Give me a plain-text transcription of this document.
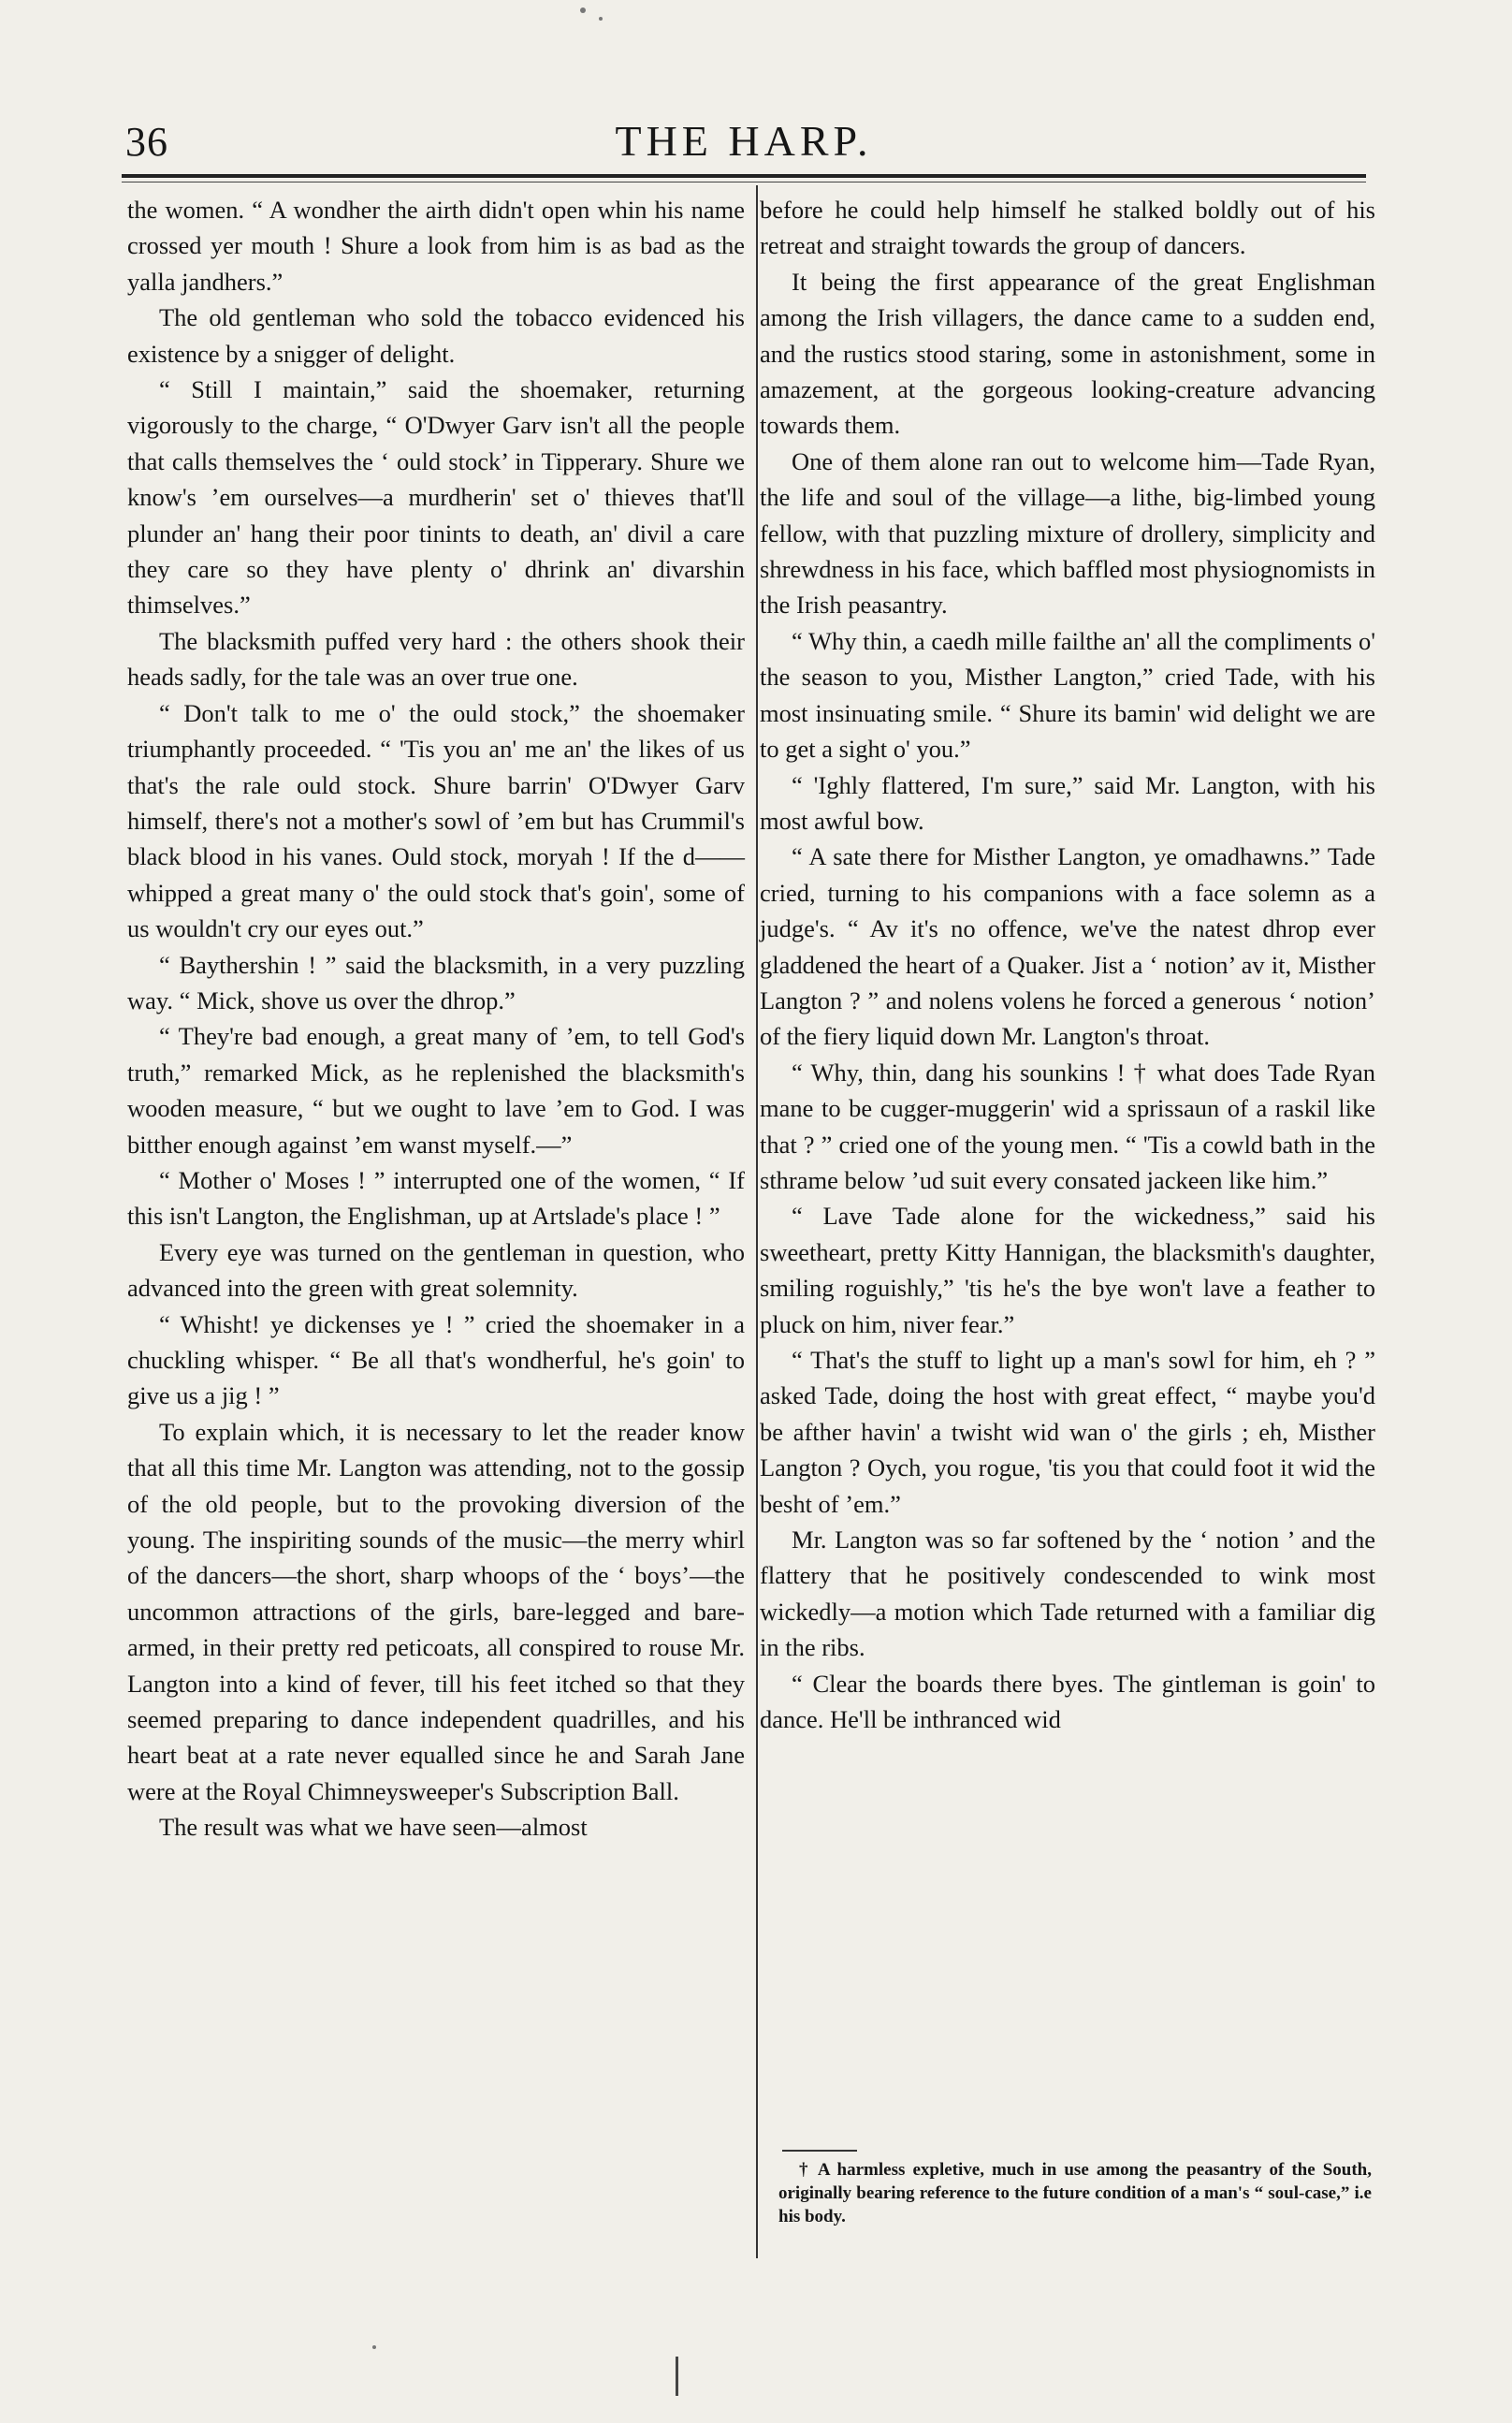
36	THE HARP.

the women. “ A wondher the airth didn't open whin his name crossed yer mouth ! Shure a look from him is as bad as the yalla jandhers.”

The old gentleman who sold the tobacco evidenced his existence by a snigger of delight.

“ Still I maintain,” said the shoemaker, returning vigorously to the charge, “ O'Dwyer Garv isn't all the people that calls themselves the ‘ ould stock’ in Tipperary. Shure we know's ’em ourselves—a murdherin' set o' thieves that'll plunder an' hang their poor tinints to death, an' divil a care they care so they have plenty o' dhrink an' divarshin thimselves.”

The blacksmith puffed very hard : the others shook their heads sadly, for the tale was an over true one.

“ Don't talk to me o' the ould stock,” the shoemaker triumphantly proceeded. “ 'Tis you an' me an' the likes of us that's the rale ould stock. Shure barrin' O'Dwyer Garv himself, there's not a mother's sowl of ’em but has Crummil's black blood in his vanes. Ould stock, moryah ! If the d—— whipped a great many o' the ould stock that's goin', some of us wouldn't cry our eyes out.”

“ Baythershin ! ” said the blacksmith, in a very puzzling way. “ Mick, shove us over the dhrop.”

“ They're bad enough, a great many of ’em, to tell God's truth,” remarked Mick, as he replenished the blacksmith's wooden measure, “ but we ought to lave ’em to God. I was bitther enough against ’em wanst myself.—”

“ Mother o' Moses ! ” interrupted one of the women, “ If this isn't Langton, the Englishman, up at Artslade's place ! ”

Every eye was turned on the gentleman in question, who advanced into the green with great solemnity.

“ Whisht! ye dickenses ye ! ” cried the shoemaker in a chuckling whisper. “ Be all that's wondherful, he's goin' to give us a jig ! ”

To explain which, it is necessary to let the reader know that all this time Mr. Langton was attending, not to the gossip of the old people, but to the provoking diversion of the young. The inspiriting sounds of the music—the merry whirl of the dancers—the short, sharp whoops of the ‘ boys’—the uncommon attractions of the girls, bare-legged and bare-armed, in their pretty red peticoats, all conspired to rouse Mr. Langton into a kind of fever, till his feet itched so that they seemed preparing to dance independent quadrilles, and his heart beat at a rate never equalled since he and Sarah Jane were at the Royal Chimneysweeper's Subscription Ball.

The result was what we have seen—almost

before he could help himself he stalked boldly out of his retreat and straight towards the group of dancers.

It being the first appearance of the great Englishman among the Irish villagers, the dance came to a sudden end, and the rustics stood staring, some in astonishment, some in amazement, at the gorgeous looking-creature advancing towards them.

One of them alone ran out to welcome him—Tade Ryan, the life and soul of the village—a lithe, big-limbed young fellow, with that puzzling mixture of drollery, simplicity and shrewdness in his face, which baffled most physiognomists in the Irish peasantry.

“ Why thin, a caedh mille failthe an' all the compliments o' the season to you, Misther Langton,” cried Tade, with his most insinuating smile. “ Shure its bamin' wid delight we are to get a sight o' you.”

“ 'Ighly flattered, I'm sure,” said Mr. Langton, with his most awful bow.

“ A sate there for Misther Langton, ye omadhawns.” Tade cried, turning to his companions with a face solemn as a judge's. “ Av it's no offence, we've the natest dhrop ever gladdened the heart of a Quaker. Jist a ‘ notion’ av it, Misther Langton ? ” and nolens volens he forced a generous ‘ notion’ of the fiery liquid down Mr. Langton's throat.

“ Why, thin, dang his sounkins ! † what does Tade Ryan mane to be cugger-muggerin' wid a sprissaun of a raskil like that ? ” cried one of the young men. “ 'Tis a cowld bath in the sthrame below ’ud suit every consated jackeen like him.”

“ Lave Tade alone for the wickedness,” said his sweetheart, pretty Kitty Hannigan, the blacksmith's daughter, smiling roguishly,” 'tis he's the bye won't lave a feather to pluck on him, niver fear.”

“ That's the stuff to light up a man's sowl for him, eh ? ” asked Tade, doing the host with great effect, “ maybe you'd be afther havin' a twisht wid wan o' the girls ; eh, Misther Langton ? Oych, you rogue, 'tis you that could foot it wid the besht of ’em.”

Mr. Langton was so far softened by the ‘ notion ’ and the flattery that he positively condescended to wink most wickedly—a motion which Tade returned with a familiar dig in the ribs.

“ Clear the boards there byes. The gintleman is goin' to dance. He'll be inthranced wid

† A harmless expletive, much in use among the peasantry of the South, originally bearing reference to the future condition of a man's “ soul-case,” i.e his body.
